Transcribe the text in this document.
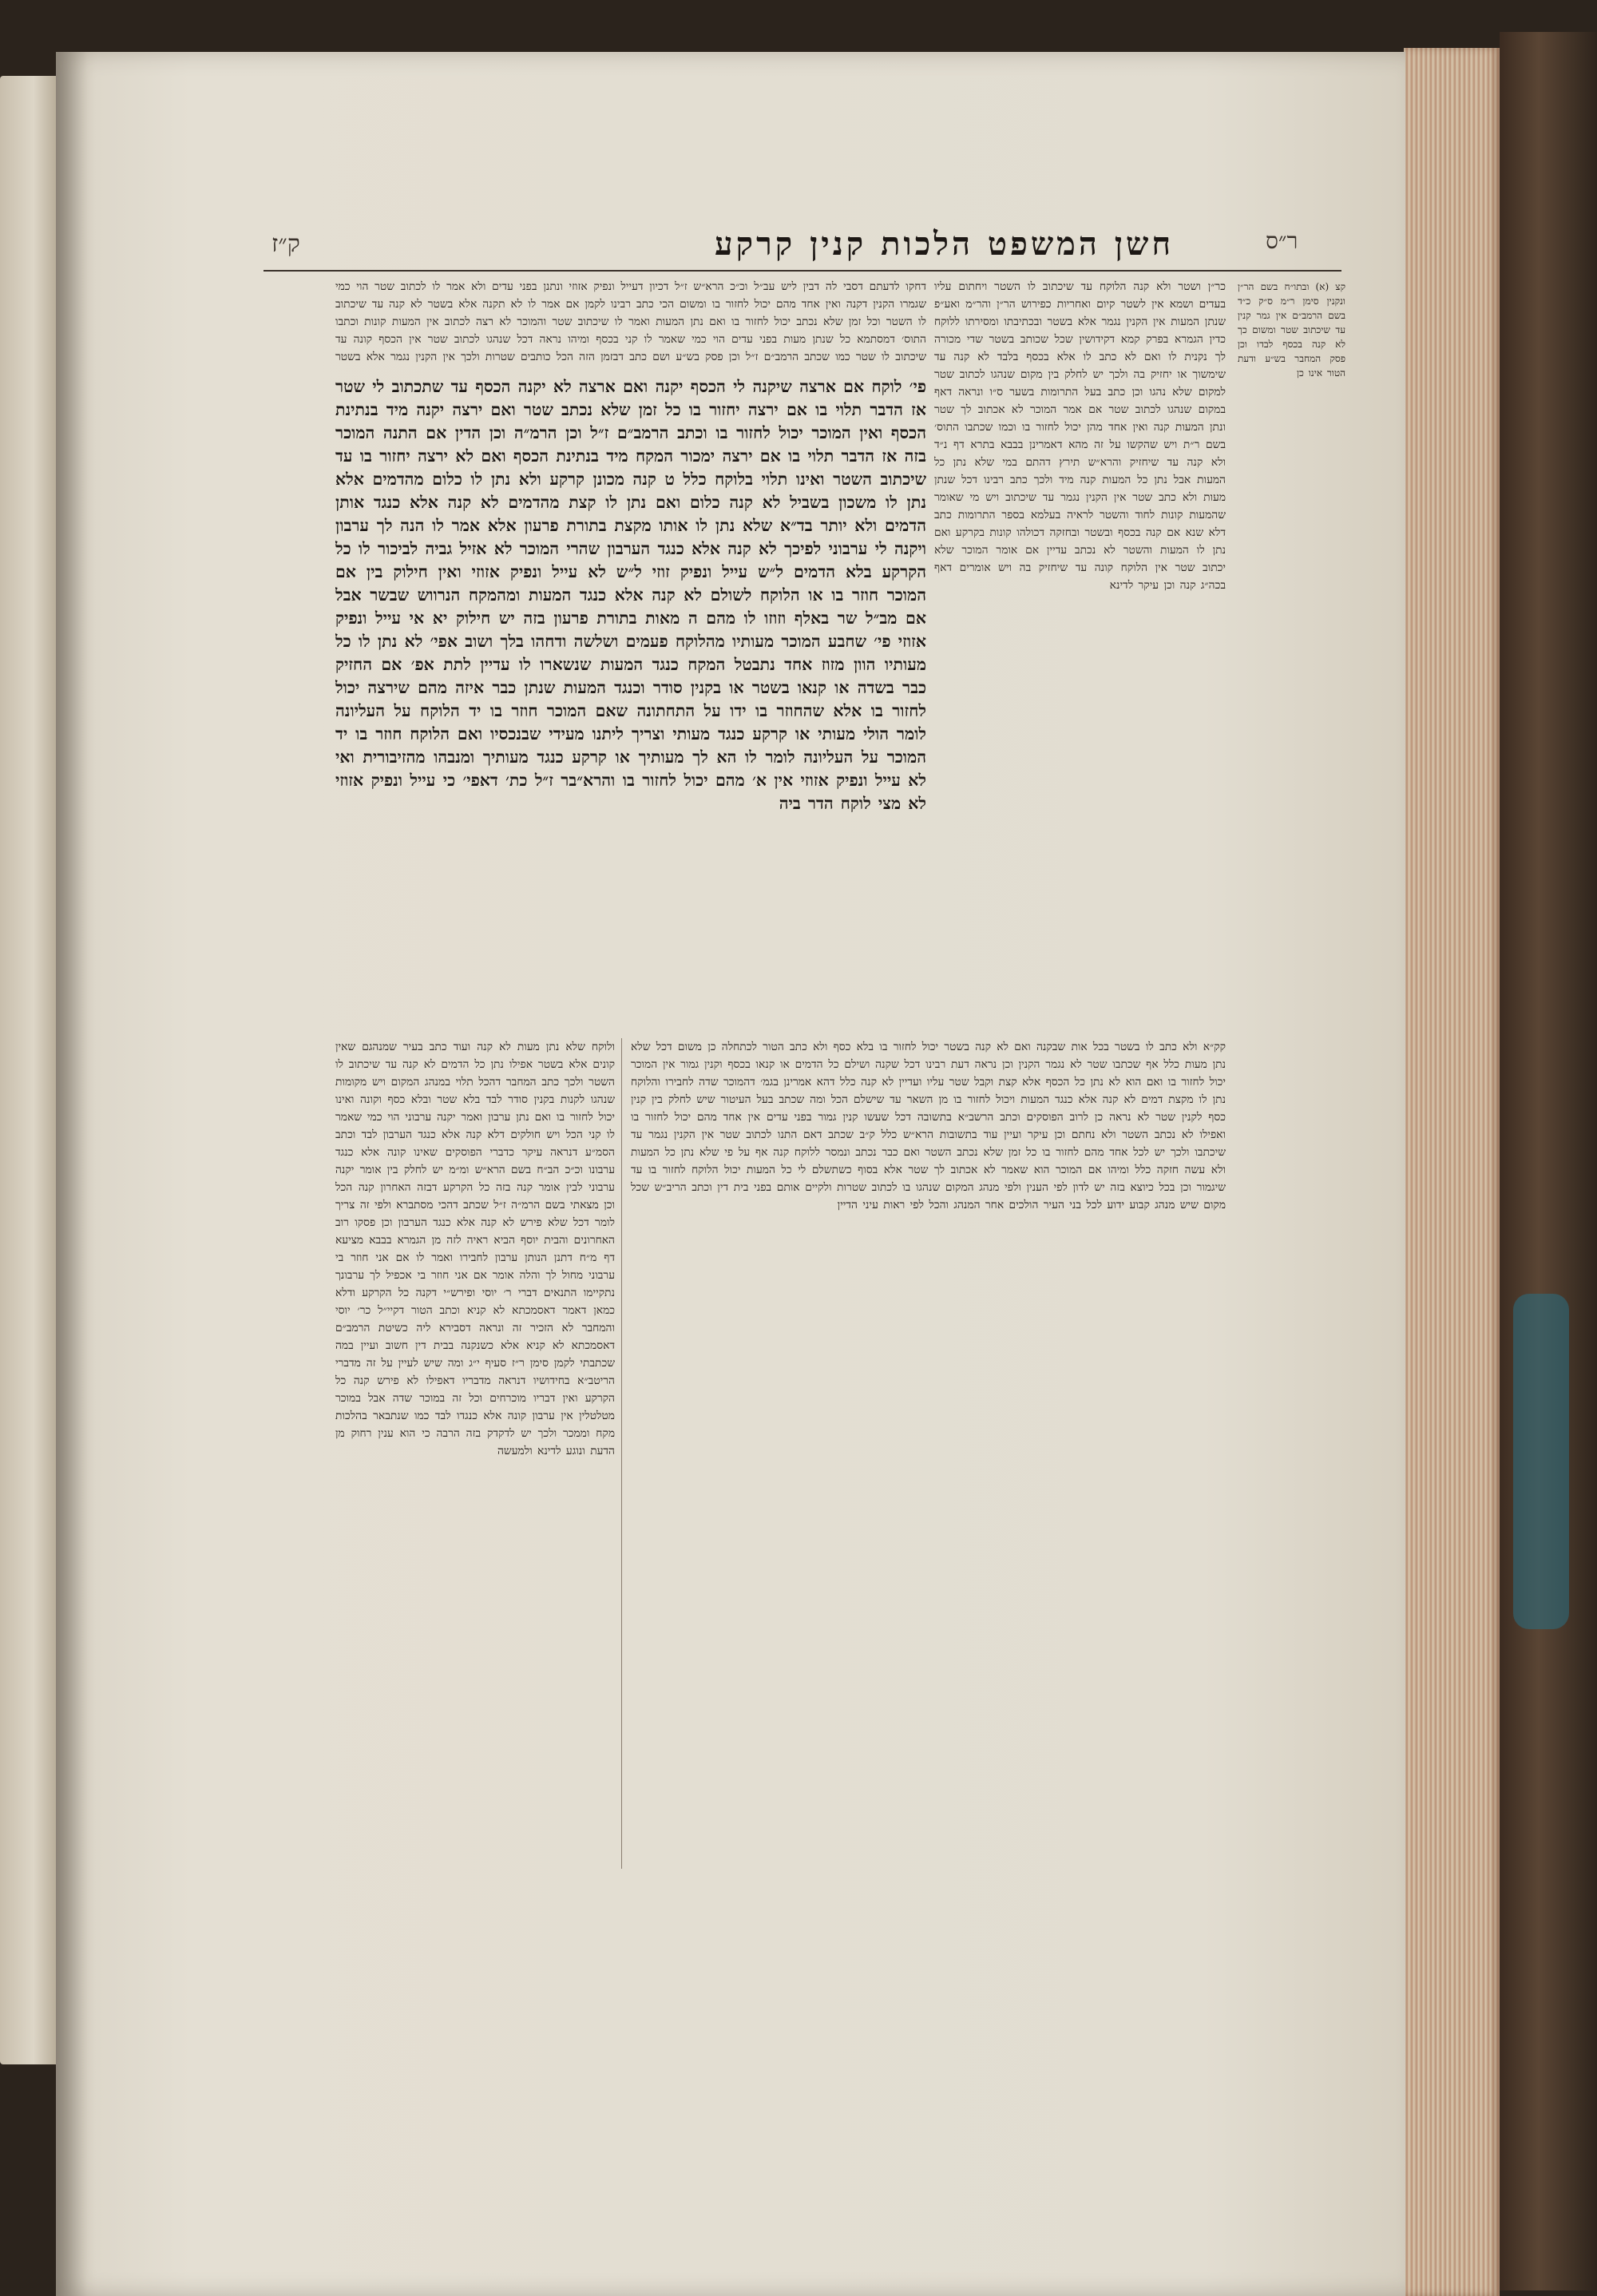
חשן המשפט הלכות קנין קרקע
ק״ז	ר״ס
קצ (א) ובתו״ח בשם הר״ן ונקנין סימן ר״מ ס״ק כ״ד בשם הרמב״ם אין גמר קנין עד שיכתוב שטר ומשום כך לא קנה בכסף לבדו וכן פסק המחבר בש״ע ודעת הטור אינו כן
כר״ן ושטר ולא קנה הלוקח עד שיכתוב לו השטר ויחתום עליו בעדים ושמא אין לשטר קיום ואחריות כפירוש הר״ן והר״מ ואע״פ שנתן המעות אין הקנין נגמר אלא בשטר ובכתיבתו ומסירתו ללוקח כדין הגמרא בפרק קמא דקידושין שכל שכותב בשטר שדי מכורה לך נקנית לו ואם לא כתב לו אלא בכסף בלבד לא קנה עד שימשוך או יחזיק בה ולכך יש לחלק בין מקום שנהגו לכתוב שטר למקום שלא נהגו וכן כתב בעל התרומות בשער ס״ו ונראה דאף במקום שנהגו לכתוב שטר אם אמר המוכר לא אכתוב לך שטר ונתן המעות קנה ואין אחד מהן יכול לחזור בו וכמו שכתבו התוס׳ בשם ר״ת ויש שהקשו על זה מהא דאמרינן בבבא בתרא דף נ״ד ולא קנה עד שיחזיק והרא״ש תירץ דהתם במי שלא נתן כל המעות אבל נתן כל המעות קנה מיד ולכך כתב רבינו דכל שנתן מעות ולא כתב שטר אין הקנין נגמר עד שיכתוב ויש מי שאומר שהמעות קונות לחוד והשטר לראיה בעלמא בספר התרומות כתב דלא שנא אם קנה בכסף ובשטר ובחזקה דכולהו קונות בקרקע ואם נתן לו המעות והשטר לא נכתב עדיין אם אומר המוכר שלא יכתוב שטר אין הלוקח קונה עד שיחזיק בה ויש אומרים דאף בכה״ג קנה וכן עיקר לדינא
דחקו לדעתם דסבי לה דבין ליש עב״ל וכ״כ הרא״ש ז״ל דכיון דעייל ונפיק אזוזי ונתנן בפני עדים ולא אמר לו לכתוב שטר הוי כמי שגמרו הקנין דקנה ואין אחד מהם יכול לחזור בו ומשום הכי כתב רבינו לקמן אם אמר לו לא תקנה אלא בשטר לא קנה עד שיכתוב לו השטר וכל זמן שלא נכתב יכול לחזור בו ואם נתן המעות ואמר לו שיכתוב שטר והמוכר לא רצה לכתוב אין המעות קונות וכתבו התוס׳ דמסתמא כל שנתן מעות בפני עדים הוי כמי שאמר לו קני בכסף ומיהו נראה דכל שנהגו לכתוב שטר אין הכסף קונה עד שיכתוב לו שטר כמו שכתב הרמב״ם ז״ל וכן פסק בש״ע ושם כתב דבזמן הזה הכל כותבים שטרות ולכך אין הקנין נגמר אלא בשטר
פי׳ לוקח אם ארצה שיקנה לי הכסף יקנה ואם ארצה לא יקנה הכסף עד שתכתוב לי שטר אז הדבר תלוי בו אם ירצה יחזור בו כל זמן שלא נכתב שטר ואם ירצה יקנה מיד בנתינת הכסף ואין המוכר יכול לחזור בו וכתב הרמב״ם ז״ל וכן הרמ״ה וכן הדין אם התנה המוכר בזה אז הדבר תלוי בו אם ירצה ימכור המקח מיד בנתינת הכסף ואם לא ירצה יחזור בו עד שיכתוב השטר ואינו תלוי בלוקח כלל ט קנה מכונן קרקע ולא נתן לו כלום מהדמים אלא נתן לו משכון בשביל לא קנה כלום ואם נתן לו קצת מהדמים לא קנה אלא כנגד אותן הדמים ולא יותר בד״א שלא נתן לו אותו מקצת בתורת פרעון אלא אמר לו הנה לך ערבון ויקנה לי ערבוני לפיכך לא קנה אלא כנגד הערבון שהרי המוכר לא אזיל גביה לביכור לו כל הקרקע בלא הדמים ל״ש עייל ונפיק זוזי ל״ש לא עייל ונפיק אזוזי ואין חילוק בין אם המוכר חוזר בו או הלוקח לשולם לא קנה אלא כנגד המעות ומהמקח הנרווש שבשר אבל אם מב״ל שר באלף וזוזו לו מהם ה מאות בתורת פרעון בזה יש חילוק יא אי עייל ונפיק אזוזי פי׳ שחבע המוכר מעותיו מהלוקח פעמים ושלשה ודחהו בלך ושוב אפי׳ לא נתן לו כל מעותיו הוון מזוז אחד נתבטל המקח כנגד המעות שנשארו לו עדיין לתת אפ׳ אם החזיק כבר בשדה או קנאו בשטר או בקנין סודר וכנגד המעות שנתן כבר איזה מהם שירצה יכול לחזור בו אלא שהחוזר בו ידו על התחתונה שאם המוכר חוזר בו יד הלוקח על העליונה לומר הולי מעותי או קרקע כנגד מעותי וצריך ליתנו מעידי שבנכסיו ואם הלוקח חוזר בו יד המוכר על העליונה לומר לו הא לך מעותיך או קרקע כנגד מעותיך ומנבהו מהזיבורית ואי לא עייל ונפיק אזוזי אין א׳ מהם יכול לחזור בו והרא״בר ז״ל כת׳ דאפי׳ כי עייל ונפיק אזוזי לא מצי לוקח הדר ביה
קק״א ולא כתב לו בשטר בכל אות שבקנה ואם לא קנה בשטר יכול לחזור בו בלא כסף ולא כתב הטור לכתחלה כן משום דכל שלא נתן מעות כלל אף שכתבו שטר לא נגמר הקנין וכן נראה דעת רבינו דכל שקנה ושילם כל הדמים או קנאו בכסף וקנין גמור אין המוכר יכול לחזור בו ואם הוא לא נתן כל הכסף אלא קצת וקבל שטר עליו ועדיין לא קנה כלל דהא אמרינן בגמ׳ דהמוכר שדה לחבירו והלוקח נתן לו מקצת דמים לא קנה אלא כנגד המעות ויכול לחזור בו מן השאר עד שישלם הכל ומה שכתב בעל העיטור שיש לחלק בין קנין כסף לקנין שטר לא נראה כן לרוב הפוסקים וכתב הרשב״א בתשובה דכל שעשו קנין גמור בפני עדים אין אחד מהם יכול לחזור בו ואפילו לא נכתב השטר ולא נחתם וכן עיקר ועיין עוד בתשובות הרא״ש כלל ק״ב שכתב דאם התנו לכתוב שטר אין הקנין נגמר עד שיכתבו ולכך יש לכל אחד מהם לחזור בו כל זמן שלא נכתב השטר ואם כבר נכתב ונמסר ללוקח קנה אף על פי שלא נתן כל המעות ולא עשה חזקה כלל ומיהו אם המוכר הוא שאמר לא אכתוב לך שטר אלא בסוף כשתשלם לי כל המעות יכול הלוקח לחזור בו עד שיגמור וכן בכל כיוצא בזה יש לדון לפי הענין ולפי מנהג המקום שנהגו בו לכתוב שטרות ולקיים אותם בפני בית דין וכתב הריב״ש שכל מקום שיש מנהג קבוע ידוע לכל בני העיר הולכים אחר המנהג והכל לפי ראות עיני הדיין
ולוקח שלא נתן מעות לא קנה ועוד כתב בעיר שמנהגם שאין קונים אלא בשטר אפילו נתן כל הדמים לא קנה עד שיכתוב לו השטר ולכך כתב המחבר דהכל תלוי במנהג המקום ויש מקומות שנהגו לקנות בקנין סודר לבד בלא שטר ובלא כסף וקונה ואינו יכול לחזור בו ואם נתן ערבון ואמר יקנה ערבוני הוי כמי שאמר לו קני הכל ויש חולקים דלא קנה אלא כנגד הערבון לבד וכתב הסמ״ע דנראה עיקר כדברי הפוסקים שאינו קונה אלא כנגד ערבונו וכ״כ הב״ח בשם הרא״ש ומ״מ יש לחלק בין אומר יקנה ערבוני לבין אומר קנה בזה כל הקרקע דבזה האחרון קנה הכל וכן מצאתי בשם הרמ״ה ז״ל שכתב דהכי מסתברא ולפי זה צריך לומר דכל שלא פירש לא קנה אלא כנגד הערבון וכן פסקו רוב האחרונים והבית יוסף הביא ראיה לזה מן הגמרא בבבא מציעא דף מ״ח דתנן הנותן ערבון לחבירו ואמר לו אם אני חוזר בי ערבוני מחול לך והלה אומר אם אני חוזר בי אכפיל לך ערבונך נתקיימו התנאים דברי ר׳ יוסי ופירש״י דקנה כל הקרקע ודלא כמאן דאמר דאסמכתא לא קניא וכתב הטור דקיי״ל כר׳ יוסי והמחבר לא הזכיר זה ונראה דסבירא ליה כשיטת הרמב״ם דאסמכתא לא קניא אלא כשנקנה בבית דין חשוב ועיין במה שכתבתי לקמן סימן ר״ז סעיף י״ג ומה שיש לעיין על זה מדברי הריטב״א בחידושיו דנראה מדבריו דאפילו לא פירש קנה כל הקרקע ואין דבריו מוכרחים וכל זה במוכר שדה אבל במוכר מטלטלין אין ערבון קונה אלא כנגדו לבד כמו שנתבאר בהלכות מקח וממכר ולכך יש לדקדק בזה הרבה כי הוא ענין רחוק מן הדעת ונוגע לדינא ולמעשה
